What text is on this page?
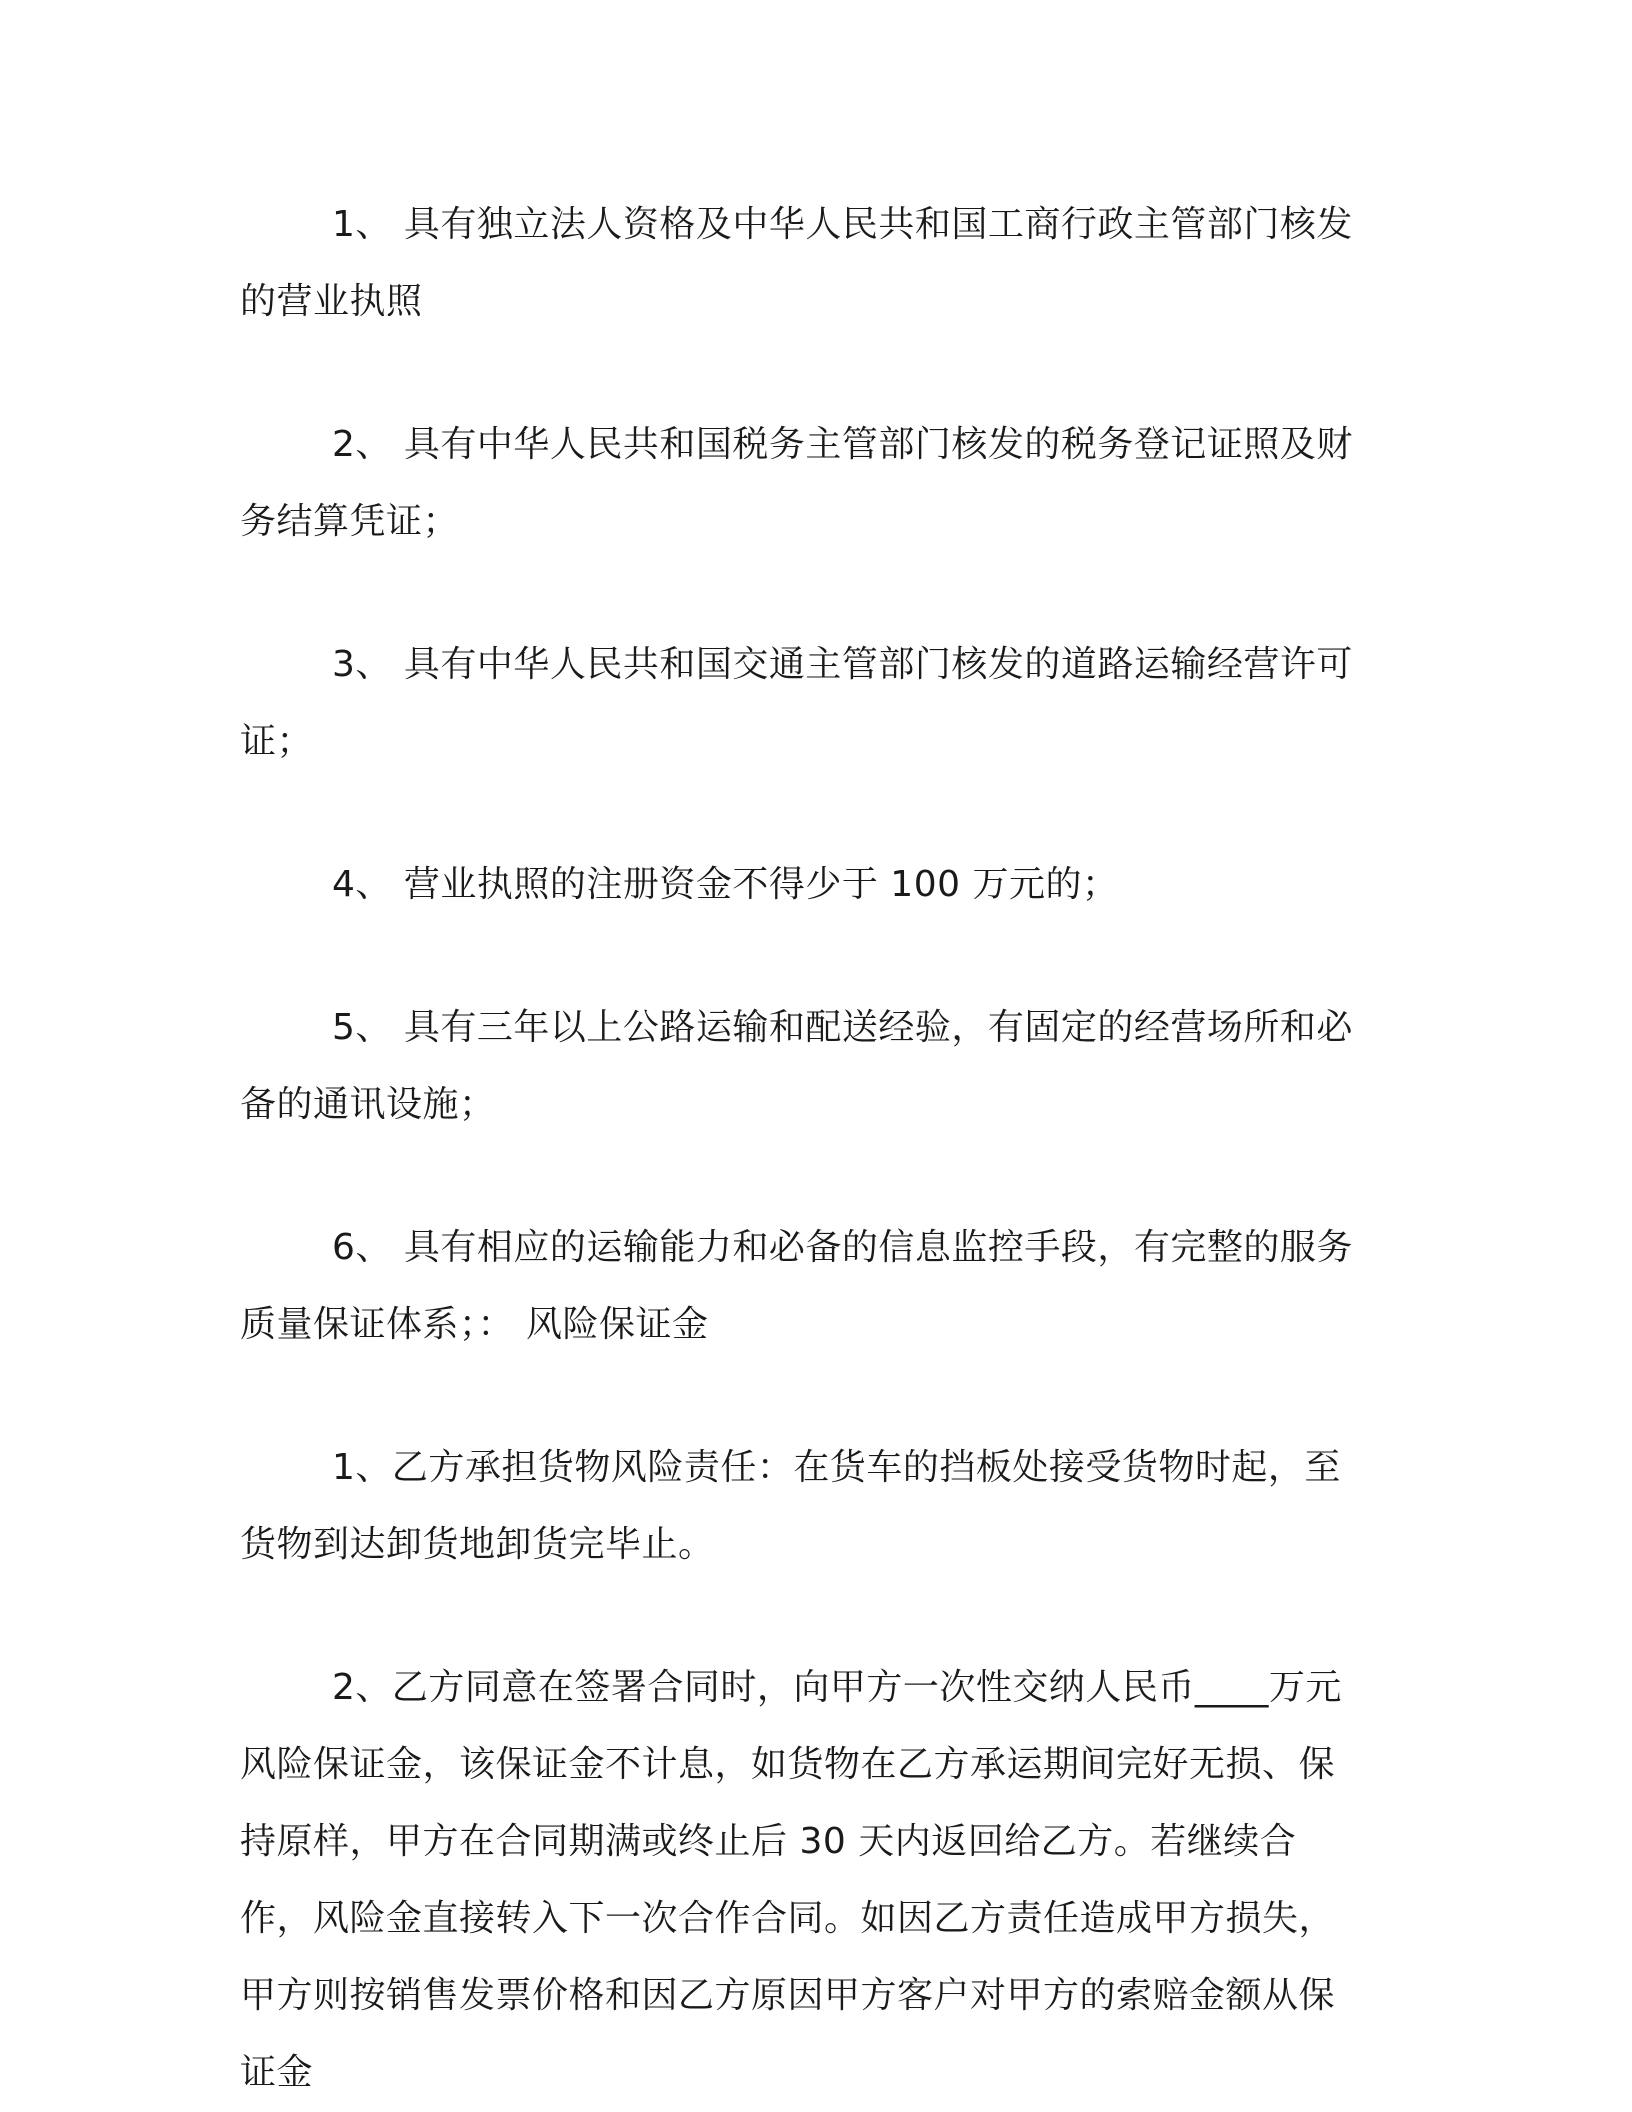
1、 具有独立法人资格及中华人民共和国工商行政主管部门核发的营业执照

2、 具有中华人民共和国税务主管部门核发的税务登记证照及财务结算凭证；

3、 具有中华人民共和国交通主管部门核发的道路运输经营许可证；

4、 营业执照的注册资金不得少于 100 万元的；

5、 具有三年以上公路运输和配送经验，有固定的经营场所和必备的通讯设施；

6、 具有相应的运输能力和必备的信息监控手段，有完整的服务质量保证体系；： 风险保证金

1、乙方承担货物风险责任：在货车的挡板处接受货物时起，至货物到达卸货地卸货完毕止。

2、乙方同意在签署合同时，向甲方一次性交纳人民币____万元风险保证金，该保证金不计息，如货物在乙方承运期间完好无损、保持原样，甲方在合同期满或终止后 30 天内返回给乙方。若继续合作，风险金直接转入下一次合作合同。如因乙方责任造成甲方损失，甲方则按销售发票价格和因乙方原因甲方客户对甲方的索赔金额从保证金
